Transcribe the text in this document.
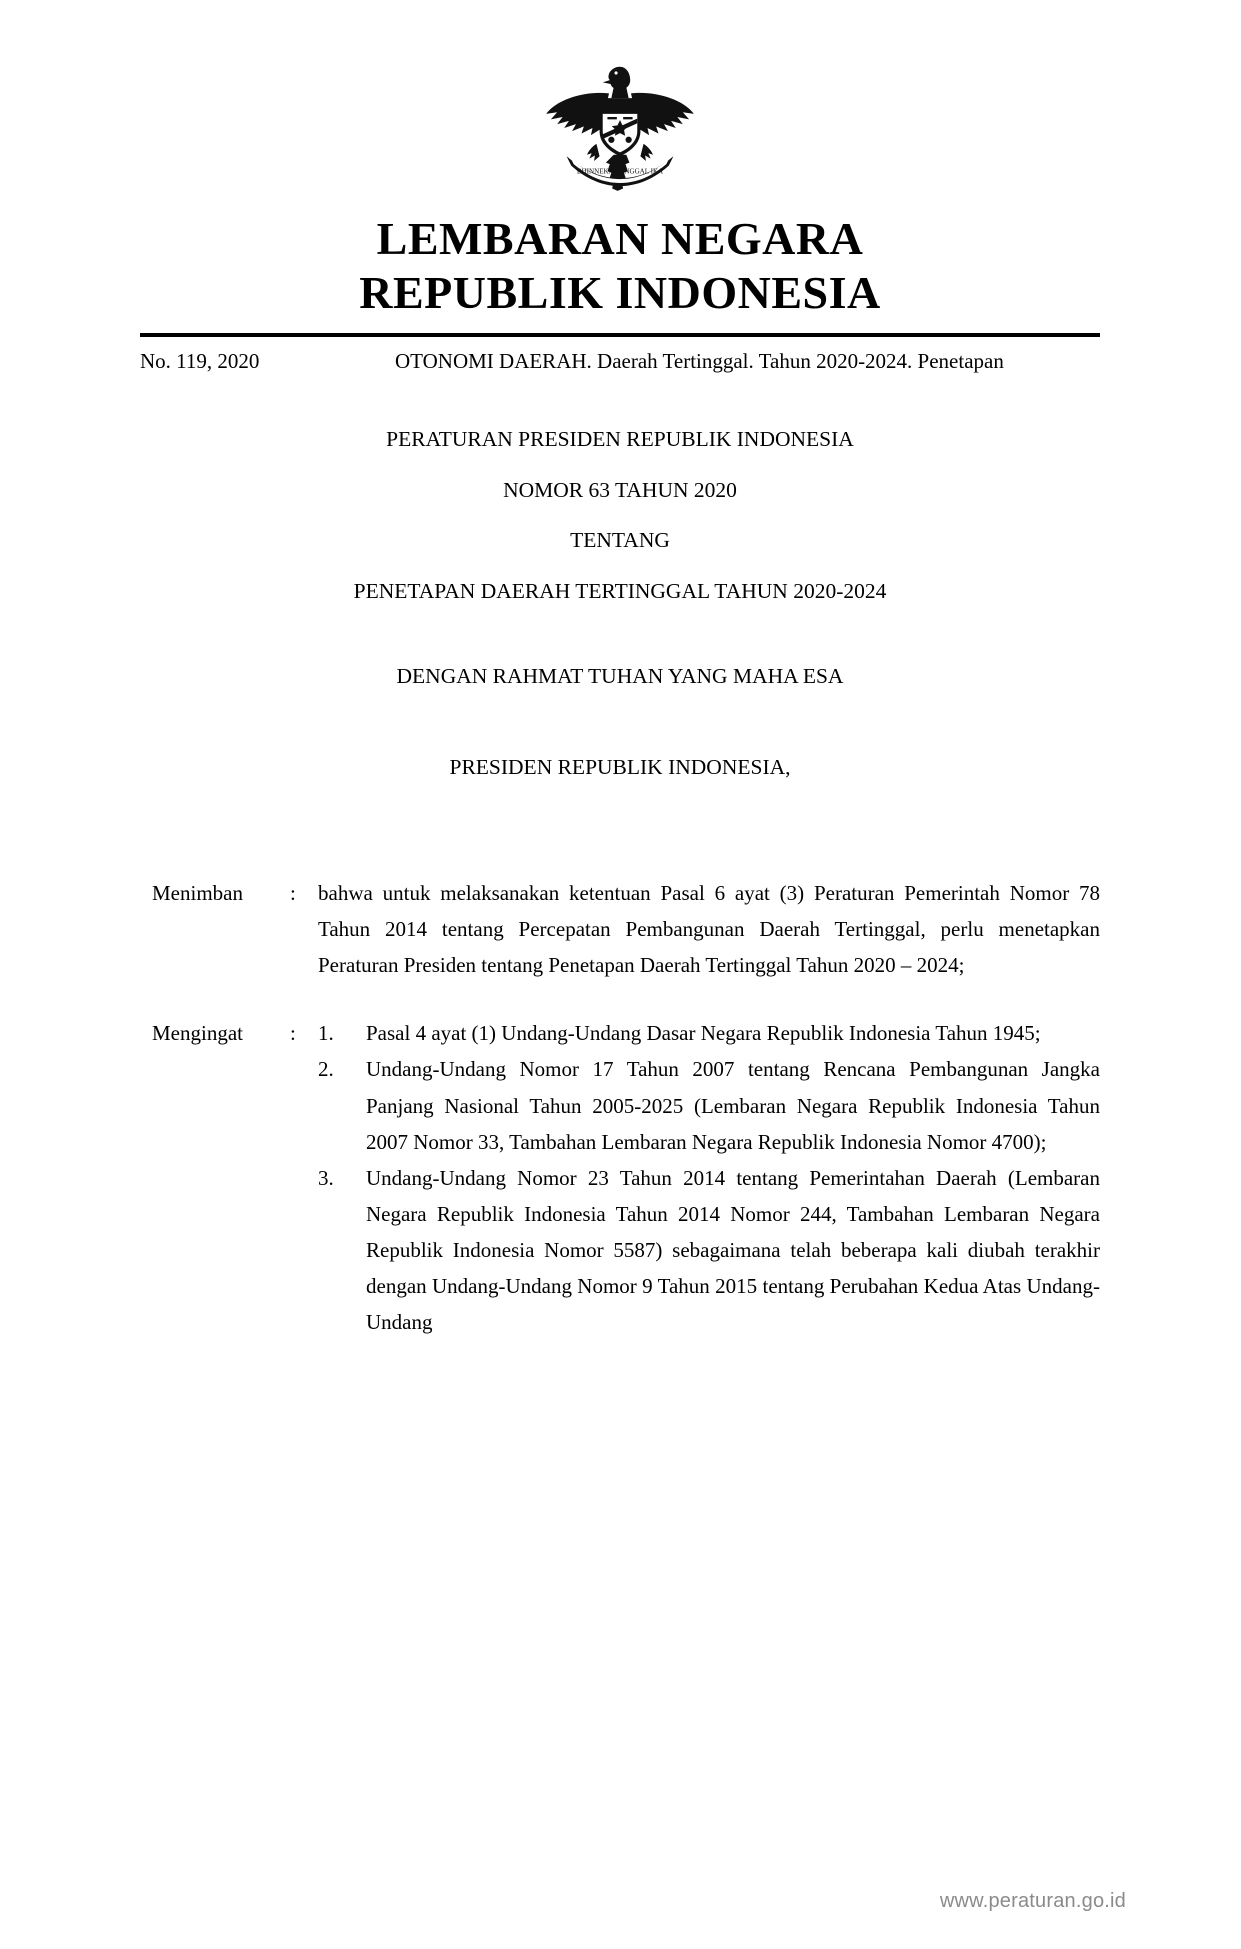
BHINNEKA TUNGGAL IKA
LEMBARAN NEGARA
REPUBLIK INDONESIA
No. 119, 2020	OTONOMI DAERAH. Daerah Tertinggal. Tahun 2020-2024. Penetapan
PERATURAN PRESIDEN REPUBLIK INDONESIA
NOMOR 63 TAHUN 2020
TENTANG
PENETAPAN DAERAH TERTINGGAL TAHUN 2020-2024
DENGAN RAHMAT TUHAN YANG MAHA ESA
PRESIDEN REPUBLIK INDONESIA,
Menimban	:	bahwa untuk melaksanakan ketentuan Pasal 6 ayat (3) Peraturan Pemerintah Nomor 78 Tahun 2014 tentang Percepatan Pembangunan Daerah Tertinggal, perlu menetapkan Peraturan Presiden tentang Penetapan Daerah Tertinggal Tahun 2020 – 2024;

Mengingat	:	1.	Pasal 4 ayat (1) Undang-Undang Dasar Negara Republik Indonesia Tahun 1945;
2.	Undang-Undang Nomor 17 Tahun 2007 tentang Rencana Pembangunan Jangka Panjang Nasional Tahun 2005-2025 (Lembaran Negara Republik Indonesia Tahun 2007 Nomor 33, Tambahan Lembaran Negara Republik Indonesia Nomor 4700);
3.	Undang-Undang Nomor 23 Tahun 2014 tentang Pemerintahan Daerah (Lembaran Negara Republik Indonesia Tahun 2014 Nomor 244, Tambahan Lembaran Negara Republik Indonesia Nomor 5587) sebagaimana telah beberapa kali diubah terakhir dengan Undang-Undang Nomor 9 Tahun 2015 tentang Perubahan Kedua Atas Undang-Undang
www.peraturan.go.id
